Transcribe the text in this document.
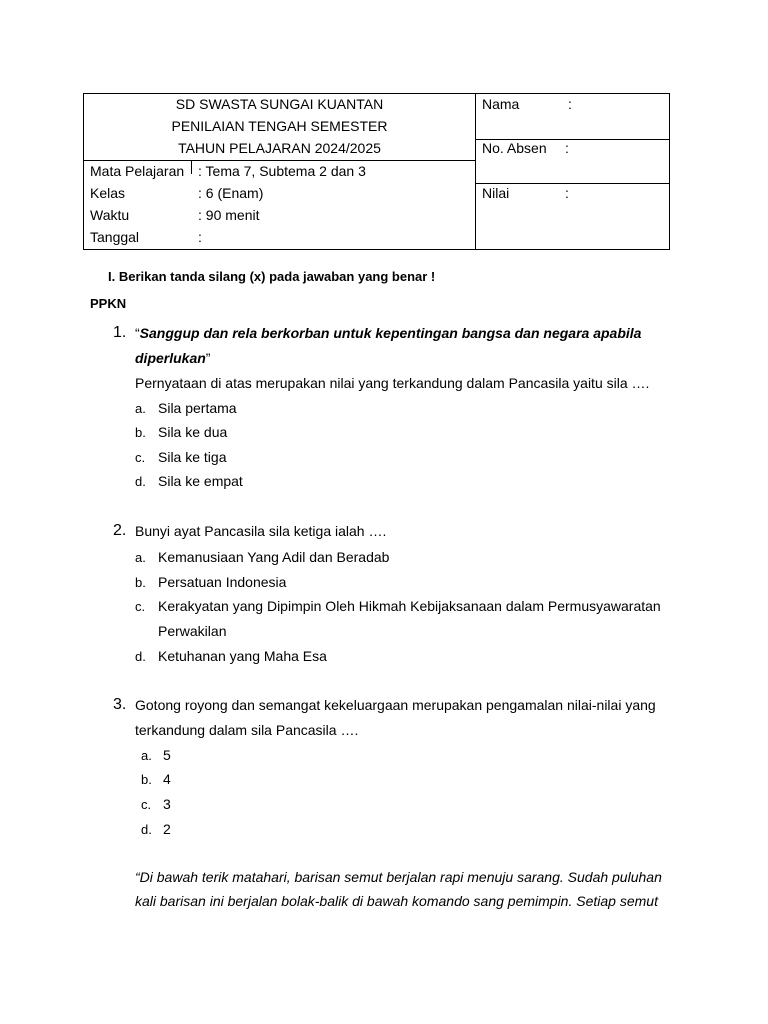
SD SWASTA SUNGAI KUANTAN
PENILAIAN TENGAH SEMESTER
TAHUN PELAJARAN 2024/2025
Mata Pelajaran : Tema 7, Subtema 2 dan 3
Kelas	: 6 (Enam)
Waktu	: 90 menit
Tanggal	:
Nama	:
No. Absen :
Nilai	:
I. Berikan tanda silang (x) pada jawaban yang benar !
PPKN
1. “Sanggup dan rela berkorban untuk kepentingan bangsa dan negara apabila
diperlukan”
Pernyataan di atas merupakan nilai yang terkandung dalam Pancasila yaitu sila ….
a. Sila pertama
b. Sila ke dua
c. Sila ke tiga
d. Sila ke empat
2. Bunyi ayat Pancasila sila ketiga ialah ….
a. Kemanusiaan Yang Adil dan Beradab
b. Persatuan Indonesia
c. Kerakyatan yang Dipimpin Oleh Hikmah Kebijaksanaan dalam Permusyawaratan
Perwakilan
d. Ketuhanan yang Maha Esa
3. Gotong royong dan semangat kekeluargaan merupakan pengamalan nilai-nilai yang
terkandung dalam sila Pancasila ….
a. 5
b. 4
c. 3
d. 2
“Di bawah terik matahari, barisan semut berjalan rapi menuju sarang. Sudah puluhan
kali barisan ini berjalan bolak-balik di bawah komando sang pemimpin. Setiap semut
